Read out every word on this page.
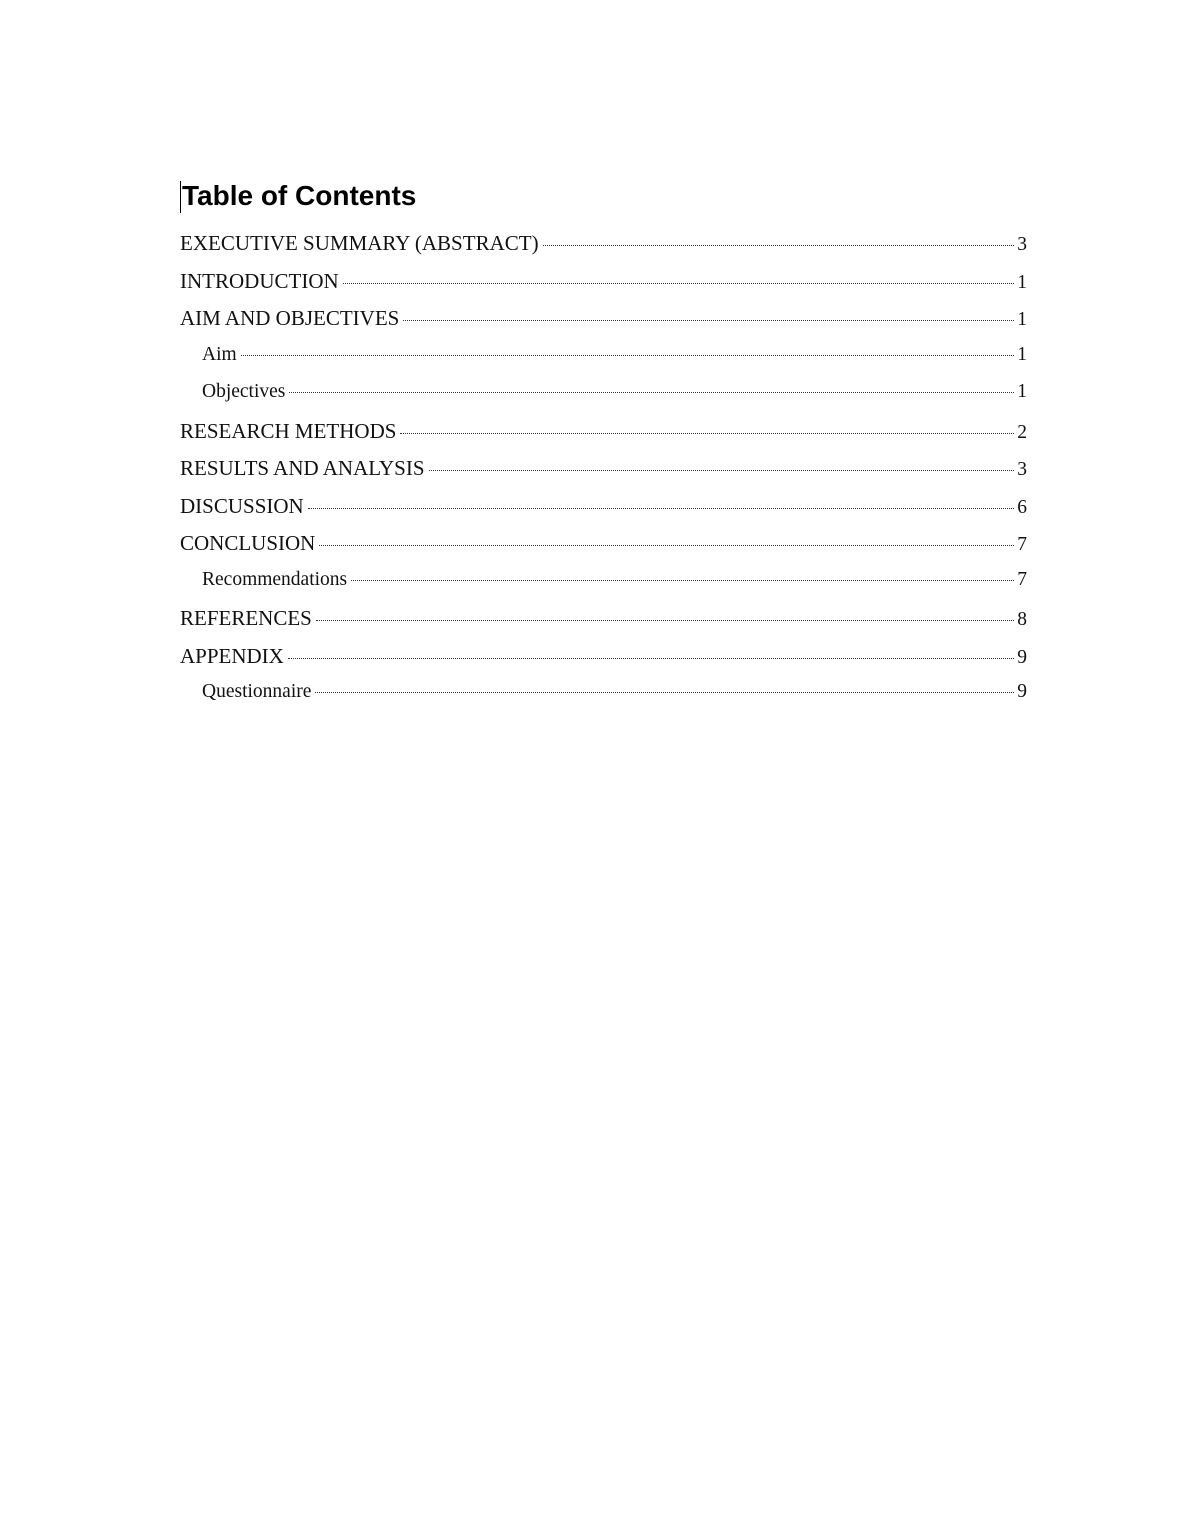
Table of Contents
EXECUTIVE SUMMARY (ABSTRACT)	3
INTRODUCTION	1
AIM AND OBJECTIVES	1
Aim	1
Objectives	1
RESEARCH METHODS	2
RESULTS AND ANALYSIS	3
DISCUSSION	6
CONCLUSION	7
Recommendations	7
REFERENCES	8
APPENDIX	9
Questionnaire	9
